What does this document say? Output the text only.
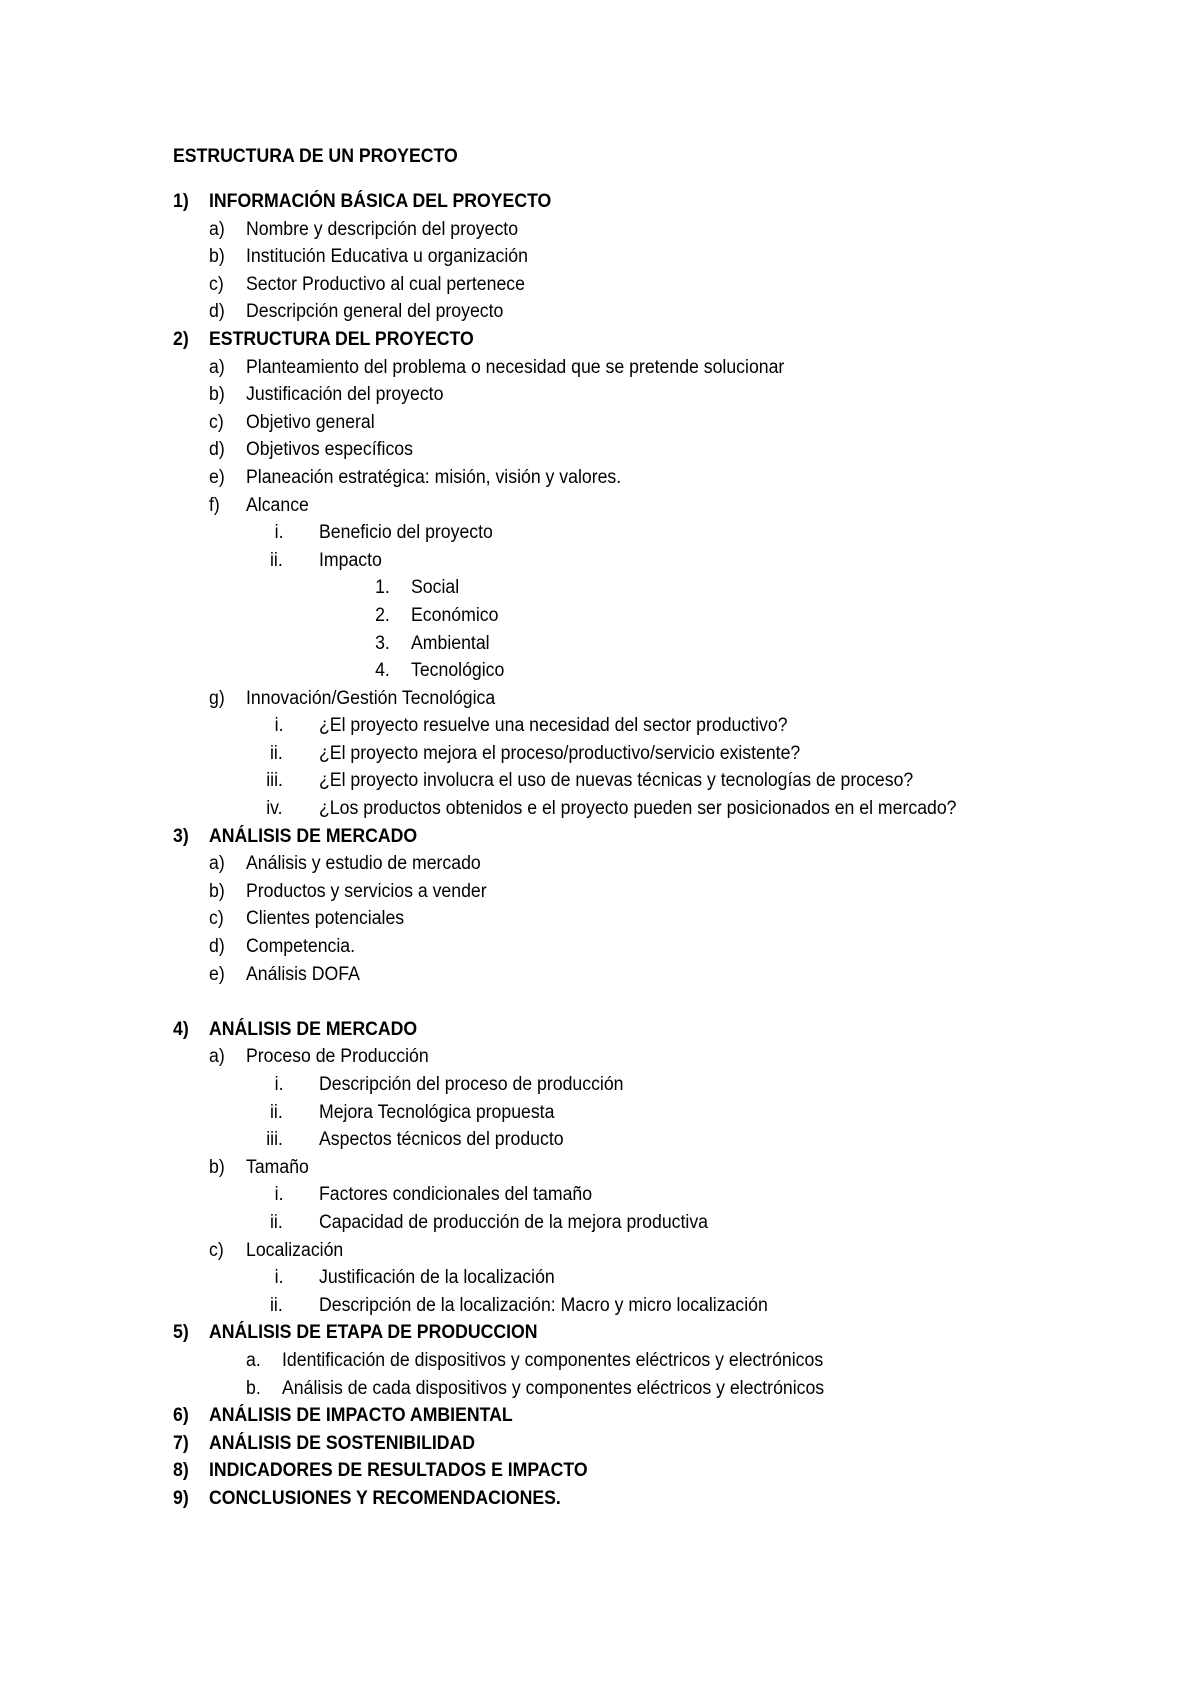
ESTRUCTURA DE UN PROYECTO
1) INFORMACIÓN BÁSICA DEL PROYECTO
a) Nombre y descripción del proyecto
b) Institución Educativa u organización
c) Sector Productivo al cual pertenece
d) Descripción general del proyecto
2) ESTRUCTURA DEL PROYECTO
a) Planteamiento del problema o necesidad que se pretende solucionar
b) Justificación del proyecto
c) Objetivo general
d) Objetivos específicos
e) Planeación estratégica: misión, visión y valores.
f) Alcance
i. Beneficio del proyecto
ii. Impacto
1. Social
2. Económico
3. Ambiental
4. Tecnológico
g) Innovación/Gestión Tecnológica
i. ¿El proyecto resuelve una necesidad del sector productivo?
ii. ¿El proyecto mejora el proceso/productivo/servicio existente?
iii. ¿El proyecto involucra el uso de nuevas técnicas y tecnologías de proceso?
iv. ¿Los productos obtenidos e el proyecto pueden ser posicionados en el mercado?
3) ANÁLISIS DE MERCADO
a) Análisis y estudio de mercado
b) Productos y servicios a vender
c) Clientes potenciales
d) Competencia.
e) Análisis DOFA
4) ANÁLISIS DE MERCADO
a) Proceso de Producción
i. Descripción del proceso de producción
ii. Mejora Tecnológica propuesta
iii. Aspectos técnicos del producto
b) Tamaño
i. Factores condicionales del tamaño
ii. Capacidad de producción de la mejora productiva
c) Localización
i. Justificación de la localización
ii. Descripción de la localización: Macro y micro localización
5) ANÁLISIS DE ETAPA DE PRODUCCION
a. Identificación de dispositivos y componentes eléctricos y electrónicos
b. Análisis de cada dispositivos y componentes eléctricos y electrónicos
6) ANÁLISIS DE IMPACTO AMBIENTAL
7) ANÁLISIS DE SOSTENIBILIDAD
8) INDICADORES DE RESULTADOS E IMPACTO
9) CONCLUSIONES Y RECOMENDACIONES.
